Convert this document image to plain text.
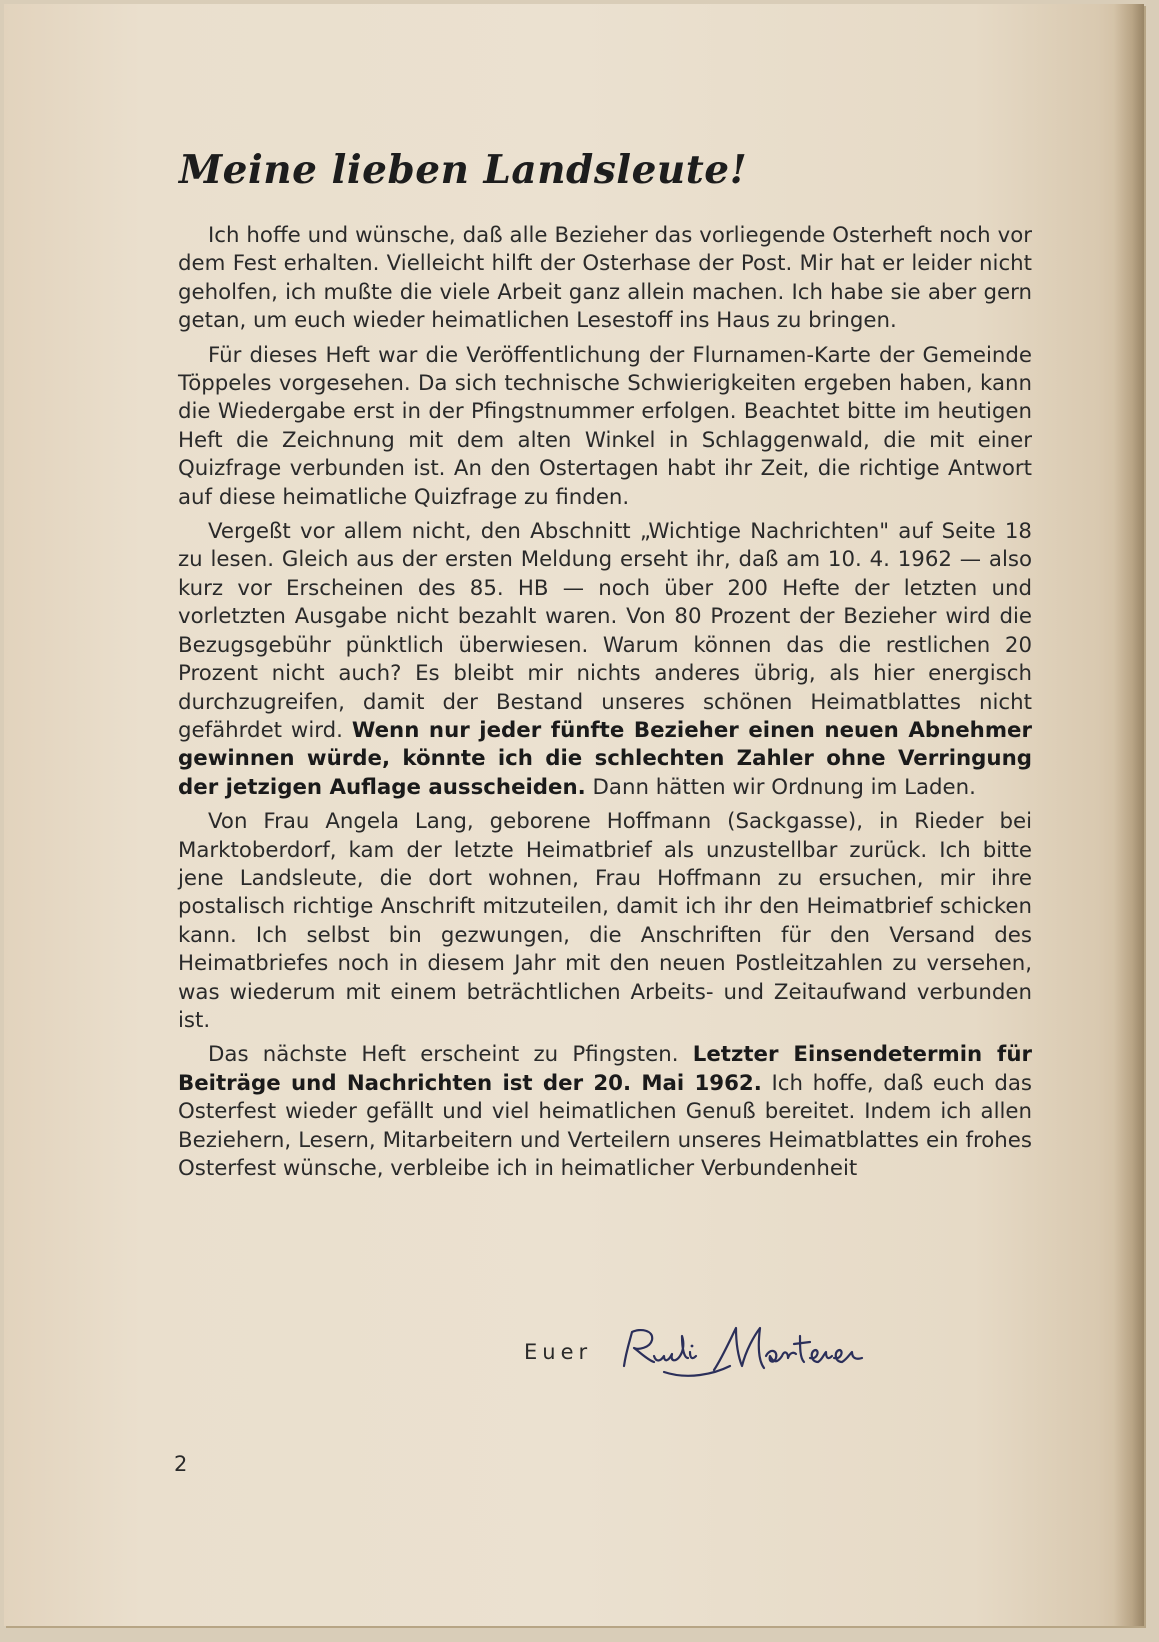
Meine lieben Landsleute!

Ich hoffe und wünsche, daß alle Bezieher das vorliegende Osterheft noch vor dem Fest erhalten. Vielleicht hilft der Osterhase der Post. Mir hat er leider nicht geholfen, ich mußte die viele Arbeit ganz allein machen. Ich habe sie aber gern getan, um euch wieder heimatlichen Lesestoff ins Haus zu bringen.

Für dieses Heft war die Veröffentlichung der Flurnamen-Karte der Gemeinde Töppeles vorgesehen. Da sich technische Schwierigkeiten ergeben haben, kann die Wiedergabe erst in der Pfingstnummer erfolgen. Beachtet bitte im heutigen Heft die Zeichnung mit dem alten Winkel in Schlaggenwald, die mit einer Quizfrage verbunden ist. An den Ostertagen habt ihr Zeit, die richtige Antwort auf diese heimatliche Quizfrage zu finden.

Vergeßt vor allem nicht, den Abschnitt „Wichtige Nachrichten" auf Seite 18 zu lesen. Gleich aus der ersten Meldung erseht ihr, daß am 10. 4. 1962 — also kurz vor Erscheinen des 85. HB — noch über 200 Hefte der letzten und vorletzten Ausgabe nicht bezahlt waren. Von 80 Prozent der Bezieher wird die Bezugsgebühr pünktlich überwiesen. Warum können das die restlichen 20 Prozent nicht auch? Es bleibt mir nichts anderes übrig, als hier energisch durchzugreifen, damit der Bestand unseres schönen Heimatblattes nicht gefährdet wird. Wenn nur jeder fünfte Bezieher einen neuen Abnehmer gewinnen würde, könnte ich die schlechten Zahler ohne Verringung der jetzigen Auflage ausscheiden. Dann hätten wir Ordnung im Laden.

Von Frau Angela Lang, geborene Hoffmann (Sackgasse), in Rieder bei Marktoberdorf, kam der letzte Heimatbrief als unzustellbar zurück. Ich bitte jene Landsleute, die dort wohnen, Frau Hoffmann zu ersuchen, mir ihre postalisch richtige Anschrift mitzuteilen, damit ich ihr den Heimatbrief schicken kann. Ich selbst bin gezwungen, die Anschriften für den Versand des Heimatbriefes noch in diesem Jahr mit den neuen Postleitzahlen zu versehen, was wiederum mit einem beträchtlichen Arbeits- und Zeitaufwand verbunden ist.

Das nächste Heft erscheint zu Pfingsten. Letzter Einsendetermin für Beiträge und Nachrichten ist der 20. Mai 1962. Ich hoffe, daß euch das Osterfest wieder gefällt und viel heimatlichen Genuß bereitet. Indem ich allen Beziehern, Lesern, Mitarbeitern und Verteilern unseres Heimatblattes ein frohes Osterfest wünsche, verbleibe ich in heimatlicher Verbundenheit

Euer
2
